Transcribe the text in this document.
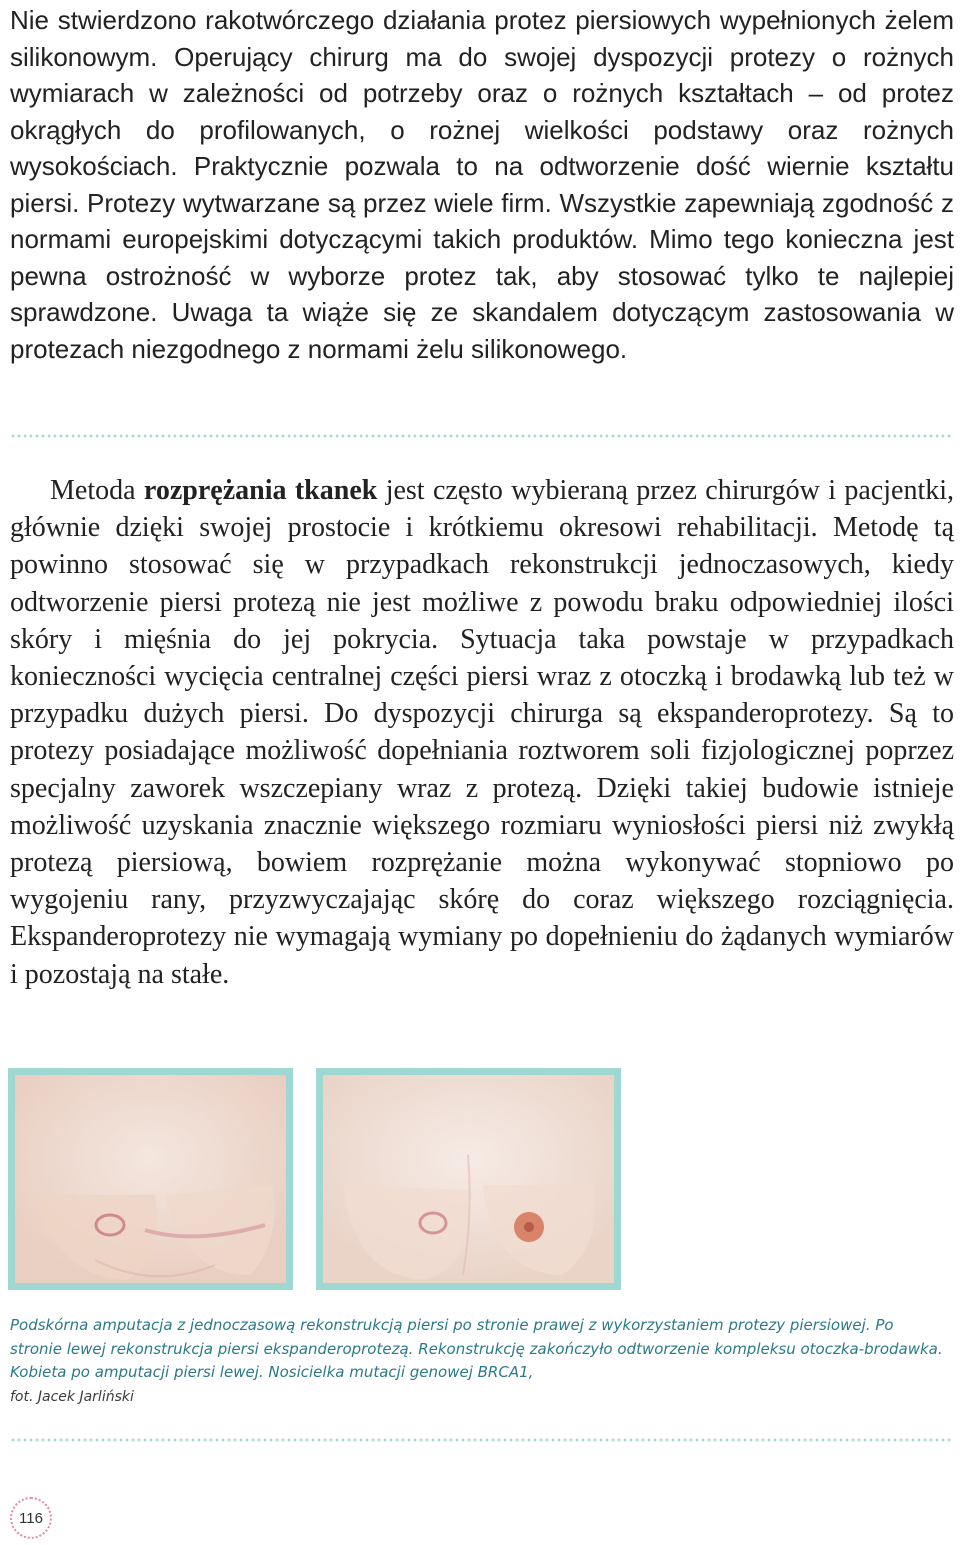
Nie stwierdzono rakotwórczego działania protez piersiowych wypełnionych żelem silikonowym. Operujący chirurg ma do swojej dyspozycji protezy o rożnych wymiarach w zależności od potrzeby oraz o rożnych kształtach – od protez okrągłych do profilowanych, o rożnej wielkości podstawy oraz rożnych wysokościach. Praktycznie pozwala to na odtworzenie dość wiernie kształtu piersi. Protezy wytwarzane są przez wiele firm. Wszystkie zapewniają zgodność z normami europejskimi dotyczącymi takich produktów. Mimo tego konieczna jest pewna ostrożność w wyborze protez tak, aby stosować tylko te najlepiej sprawdzone. Uwaga ta wiąże się ze skandalem dotyczącym zastosowania w protezach niezgodnego z normami żelu silikonowego.

Metoda rozprężania tkanek jest często wybieraną przez chirurgów i pacjentki, głównie dzięki swojej prostocie i krótkiemu okresowi rehabilitacji. Metodę tą powinno stosować się w przypadkach rekonstrukcji jednoczasowych, kiedy odtworzenie piersi protezą nie jest możliwe z powodu braku odpowiedniej ilości skóry i mięśnia do jej pokrycia. Sytuacja taka powstaje w przypadkach konieczności wycięcia centralnej części piersi wraz z otoczką i brodawką lub też w przypadku dużych piersi. Do dyspozycji chirurga są ekspanderoprotezy. Są to protezy posiadające możliwość dopełniania roztworem soli fizjologicznej poprzez specjalny zaworek wszczepiany wraz z protezą. Dzięki takiej budowie istnieje możliwość uzyskania znacznie większego rozmiaru wyniosłości piersi niż zwykłą protezą piersiową, bowiem rozprężanie można wykonywać stopniowo po wygojeniu rany, przyzwyczajając skórę do coraz większego rozciągnięcia. Ekspanderoprotezy nie wymagają wymiany po dopełnieniu do żądanych wymiarów i pozostają na stałe.

Podskórna amputacja z jednoczasową rekonstrukcją piersi po stronie prawej z wykorzystaniem protezy piersiowej. Po stronie lewej rekonstrukcja piersi ekspanderoprotezą. Rekonstrukcję zakończyło odtworzenie kompleksu otoczka-brodawka. Kobieta po amputacji piersi lewej. Nosicielka mutacji genowej BRCA1,
fot. Jacek Jarliński

116
